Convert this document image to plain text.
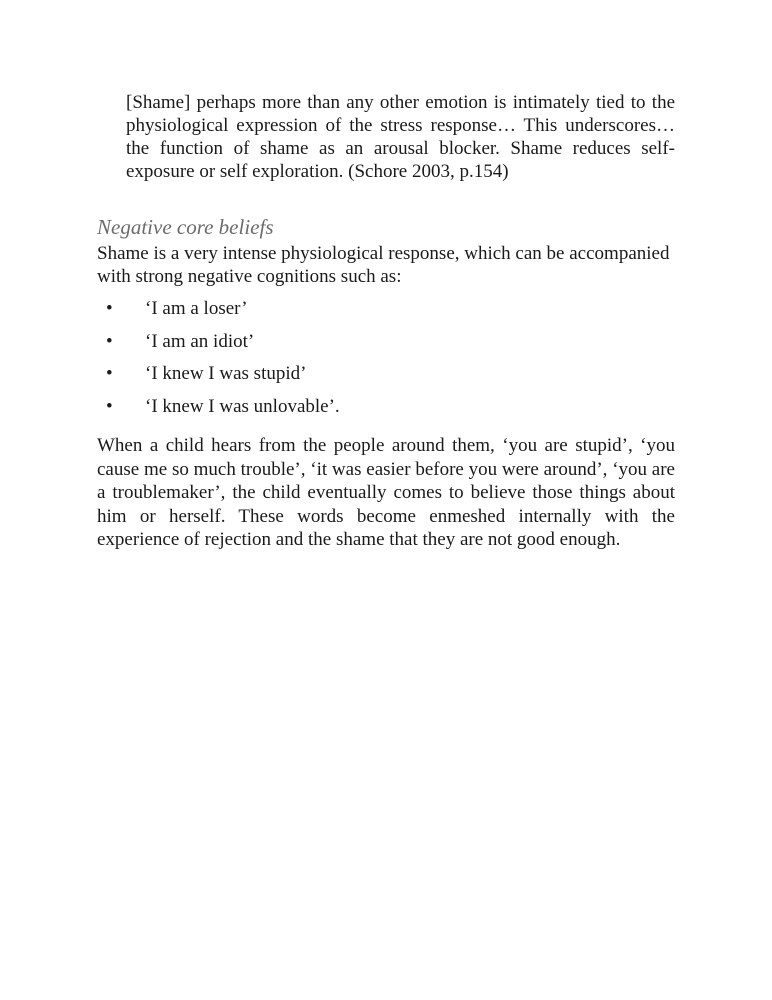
[Shame] perhaps more than any other emotion is intimately tied to the physiological expression of the stress response… This underscores…the function of shame as an arousal blocker. Shame reduces self-exposure or self exploration. (Schore 2003, p.154)

Negative core beliefs

Shame is a very intense physiological response, which can be accompanied with strong negative cognitions such as:

• ‘I am a loser’
• ‘I am an idiot’
• ‘I knew I was stupid’
• ‘I knew I was unlovable’.

When a child hears from the people around them, ‘you are stupid’, ‘you cause me so much trouble’, ‘it was easier before you were around’, ‘you are a troublemaker’, the child eventually comes to believe those things about him or herself. These words become enmeshed internally with the experience of rejection and the shame that they are not good enough.
